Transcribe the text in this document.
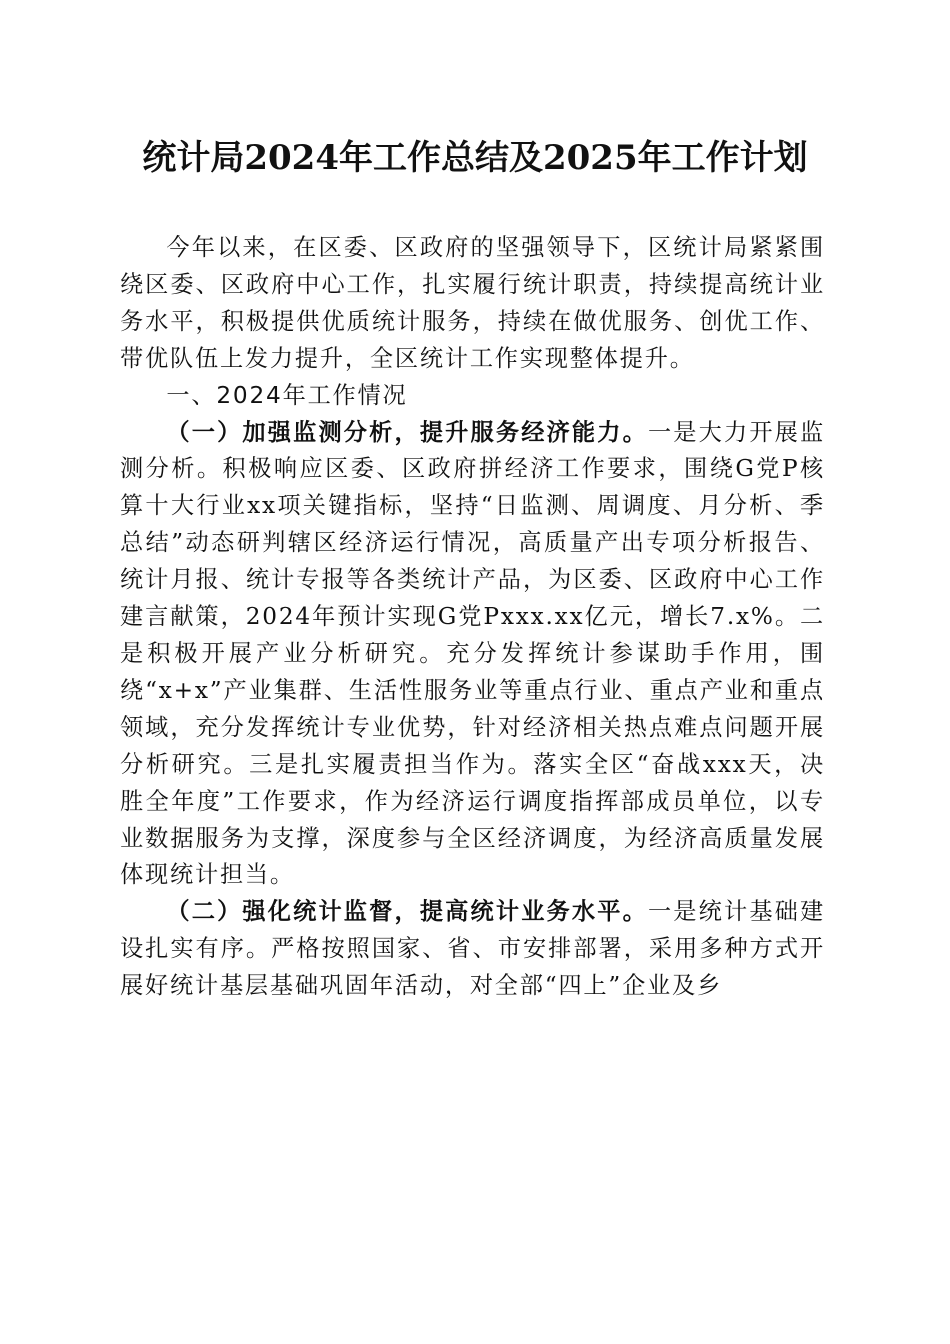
统计局2024年工作总结及2025年工作计划

今年以来，在区委、区政府的坚强领导下，区统计局紧紧围绕区委、区政府中心工作，扎实履行统计职责，持续提高统计业务水平，积极提供优质统计服务，持续在做优服务、创优工作、带优队伍上发力提升，全区统计工作实现整体提升。

一、2024年工作情况

（一）加强监测分析，提升服务经济能力。一是大力开展监测分析。积极响应区委、区政府拼经济工作要求，围绕G党P核算十大行业xx项关键指标，坚持“日监测、周调度、月分析、季总结”动态研判辖区经济运行情况，高质量产出专项分析报告、统计月报、统计专报等各类统计产品，为区委、区政府中心工作建言献策，2024年预计实现G党Pxxx.xx亿元，增长7.x%。二是积极开展产业分析研究。充分发挥统计参谋助手作用，围绕“x+x”产业集群、生活性服务业等重点行业、重点产业和重点领域，充分发挥统计专业优势，针对经济相关热点难点问题开展分析研究。三是扎实履责担当作为。落实全区“奋战xxx天，决胜全年度”工作要求，作为经济运行调度指挥部成员单位，以专业数据服务为支撑，深度参与全区经济调度，为经济高质量发展体现统计担当。

（二）强化统计监督，提高统计业务水平。一是统计基础建设扎实有序。严格按照国家、省、市安排部署，采用多种方式开展好统计基层基础巩固年活动，对全部“四上”企业及乡
